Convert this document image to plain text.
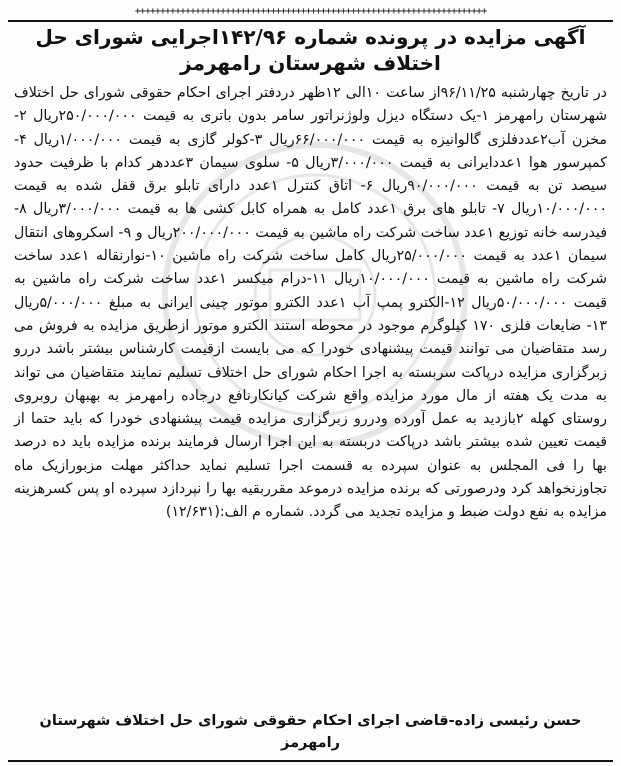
++++++++++++++++++++++++++++++++++++++++++++++++++++++++++++++++++++++
آگهی مزایده در پرونده شماره ۱۴۲/۹۶اجرایی شورای حل اختلاف شهرستان رامهرمز

در تاریخ چهارشنبه ۹۶/۱۱/۲۵از ساعت ۱۰الی ۱۲ظهر دردفتر اجرای احکام حقوقی شورای حل اختلاف شهرستان رامهرمز ۱-یک دستگاه دیزل ولوژنراتور سامر بدون باتری به قیمت ۲۵۰/۰۰۰/۰۰۰ریال ۲-مخزن آب۲عددفلزی گالوانیزه به قیمت ۶۶/۰۰۰/۰۰۰ریال ۳-کولر گازی به قیمت ۱/۰۰۰/۰۰۰ریال ۴- کمپرسور هوا ۱عددایرانی به قیمت ۳/۰۰۰/۰۰۰ریال ۵- سلوی سیمان ۳عددهر کدام با ظرفیت حدود سیصد تن به قیمت ۹۰/۰۰۰/۰۰۰ریال ۶- اتاق کنترل ۱عدد دارای تابلو برق قفل شده به قیمت ۱۰/۰۰۰/۰۰۰ریال ۷- تابلو های برق ۱عدد کامل به همراه کابل کشی ها به قیمت ۳/۰۰۰/۰۰۰ریال ۸-فیدرسه خانه توزیع ۱عدد ساخت شرکت راه ماشین به قیمت ۲۰۰/۰۰۰/۰۰۰ریال و ۹- اسکروهای انتقال سیمان ۱عدد به قیمت ۲۵/۰۰۰/۰۰۰ریال کامل ساخت شرکت راه ماشین ۱۰-نوارنقاله ۱عدد ساخت شرکت راه ماشین به قیمت ۱۰/۰۰۰/۰۰۰ریال ۱۱-درام میکسر ۱عدد ساخت شرکت راه ماشین به قیمت ۵۰/۰۰۰/۰۰۰ریال ۱۲-الکترو پمپ آب ۱عدد الکترو موتور چینی ایرانی به مبلغ ۵/۰۰۰/۰۰۰ریال ۱۳- ضایعات فلزی ۱۷۰ کیلوگرم موجود در محوطه استند الکترو موتور ازطریق مزایده به فروش می رسد متقاضیان می توانند قیمت پیشنهادی خودرا که می بایست ازقیمت کارشناس بیشتر باشد دررو زبرگزاری مزایده درپاکت سربسته به اجرا احکام شورای حل اختلاف تسلیم نمایند متقاضیان می تواند به مدت یک هفته از مال مورد مزایده واقع شرکت کیانکارنافع درجاده رامهرمز به بهبهان روبروی روستای کهله ۲بازدید به عمل آورده ودررو زبرگزاری مزایده قیمت پیشنهادی خودرا که باید حتما از قیمت تعیین شده بیشتر باشد درپاکت دربسته به این اجرا ارسال فرمایند برنده مزایده باید ده درصد بها را فی المجلس به عنوان سپرده به قسمت اجرا تسلیم نماید حداکثر مهلت مزبورازیک ماه تجاوزنخواهد کرد ودرصورتی که برنده مزایده درموعد مقرربقیه بها را نپردازد سپرده او پس کسرهزینه مزایده به نفع دولت ضبط و مزایده تجدید می گردد. شماره م الف:(۱۲/۶۳۱)

حسن رئیسی زاده-قاضی اجرای احکام حقوقی شورای حل اختلاف شهرستان رامهرمز
